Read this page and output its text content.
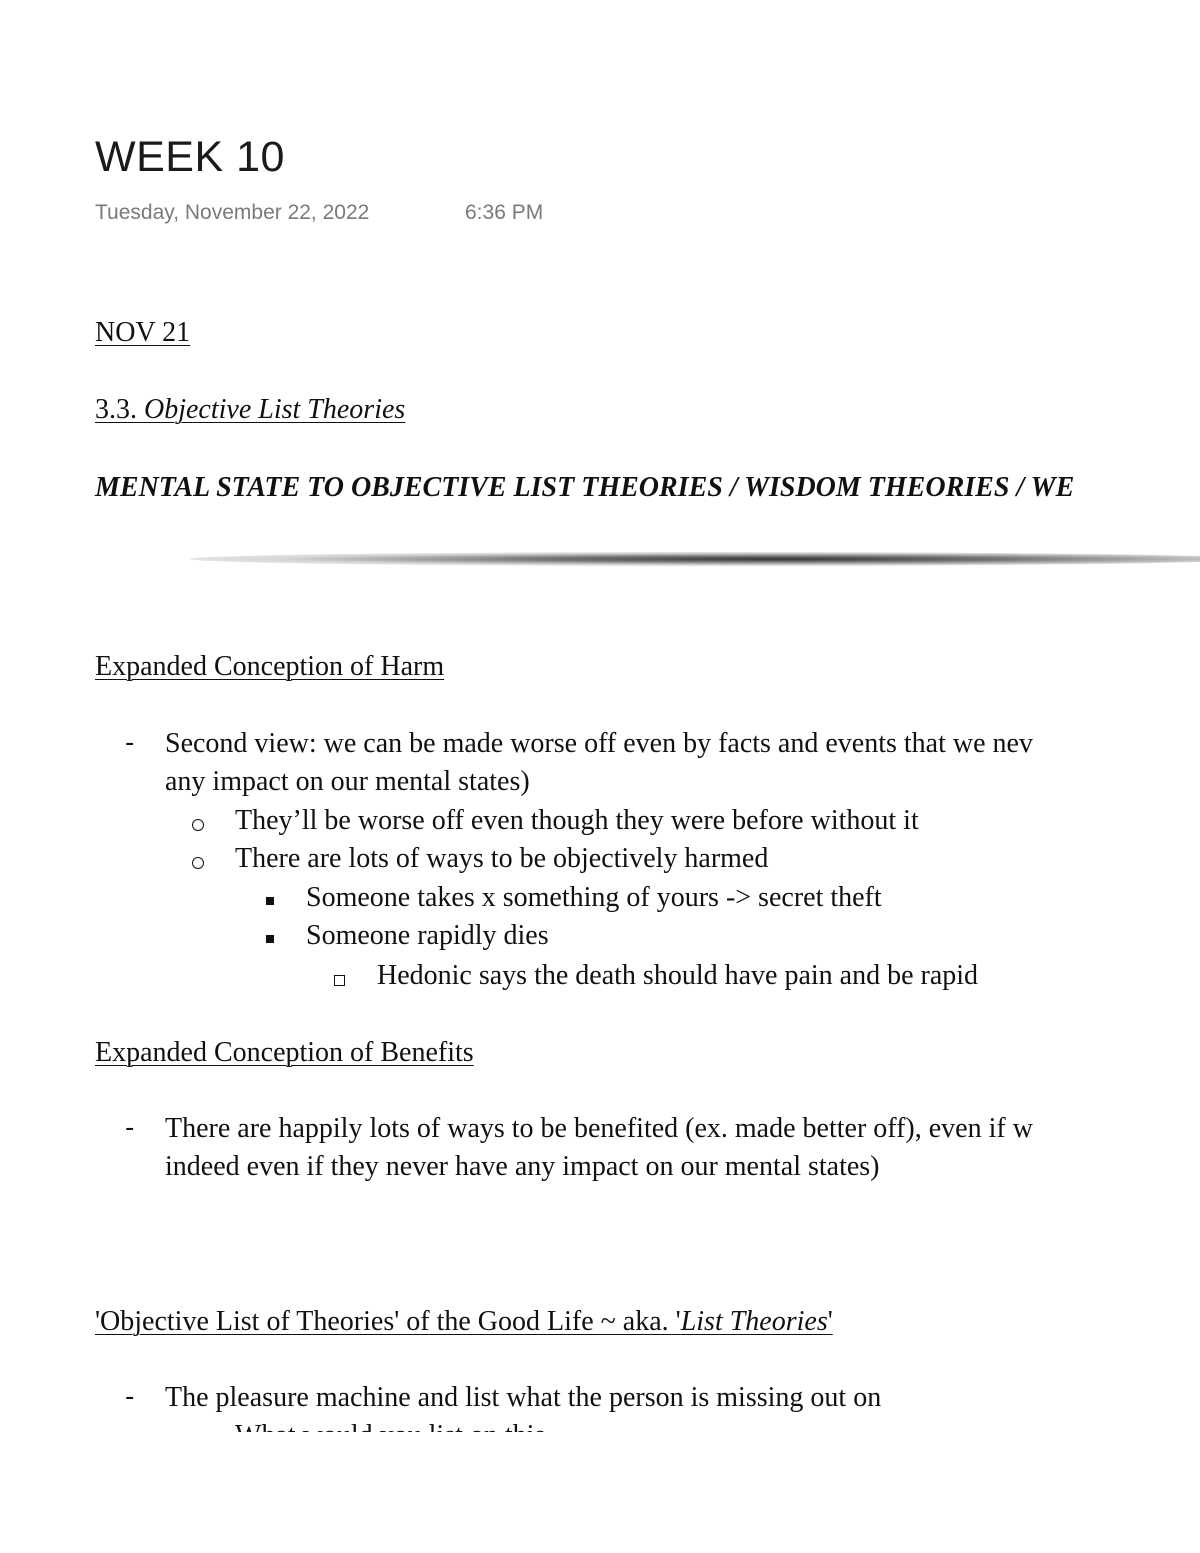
WEEK 10
Tuesday, November 22, 2022	6:36 PM
NOV 21
3.3. Objective List Theories
MENTAL STATE TO OBJECTIVE LIST THEORIES / WISDOM THEORIES / WE
Expanded Conception of Harm
- Second view: we can be made worse off even by facts and events that we nev
any impact on our mental states)
They’ll be worse off even though they were before without it
There are lots of ways to be objectively harmed
Someone takes x something of yours -> secret theft
Someone rapidly dies
Hedonic says the death should have pain and be rapid
Expanded Conception of Benefits
- There are happily lots of ways to be benefited (ex. made better off), even if w
indeed even if they never have any impact on our mental states)
'Objective List of Theories' of the Good Life ~ aka. 'List Theories'
- The pleasure machine and list what the person is missing out on
